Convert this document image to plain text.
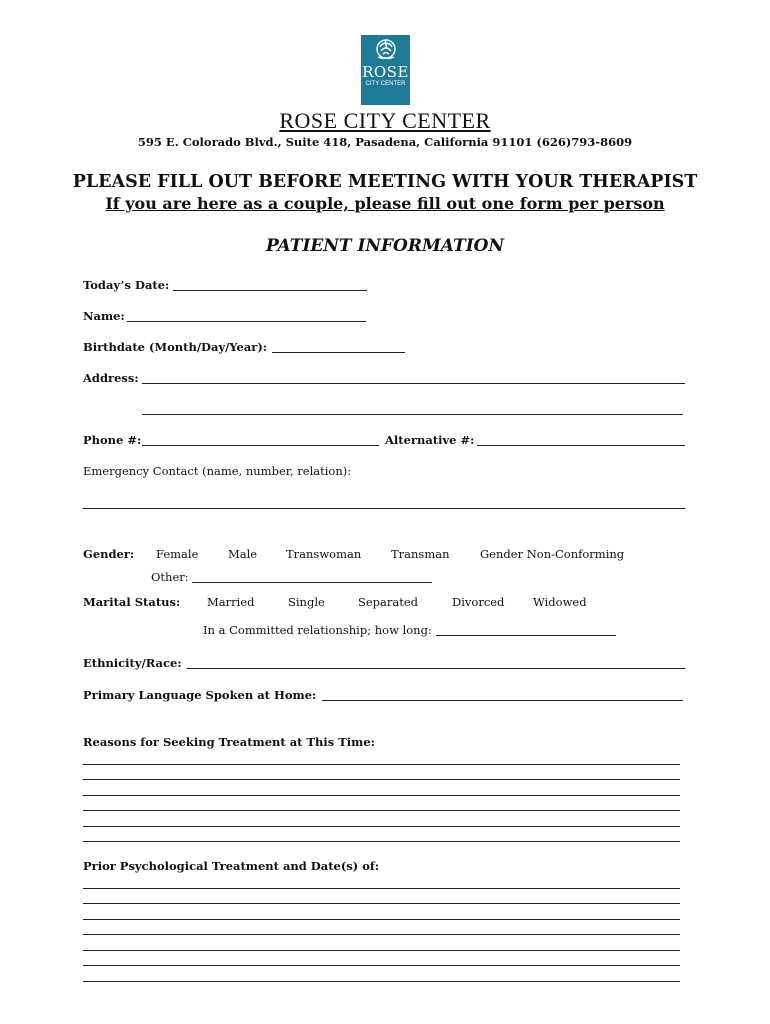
ROSE
CITY CENTER
ROSE CITY CENTER
595 E. Colorado Blvd., Suite 418, Pasadena, California 91101 (626)793-8609
PLEASE FILL OUT BEFORE MEETING WITH YOUR THERAPIST
If you are here as a couple, please fill out one form per person
PATIENT INFORMATION
Today’s Date:
Name:
Birthdate (Month/Day/Year):
Address:
Phone #:	Alternative #:
Emergency Contact (name, number, relation):
Gender: Female	Male	Transwoman	Transman	Gender Non-Conforming
Other:
Marital Status: Married	Single	Separated	Divorced Widowed
In a Committed relationship; how long:
Ethnicity/Race:
Primary Language Spoken at Home:
Reasons for Seeking Treatment at This Time:
Prior Psychological Treatment and Date(s) of:
